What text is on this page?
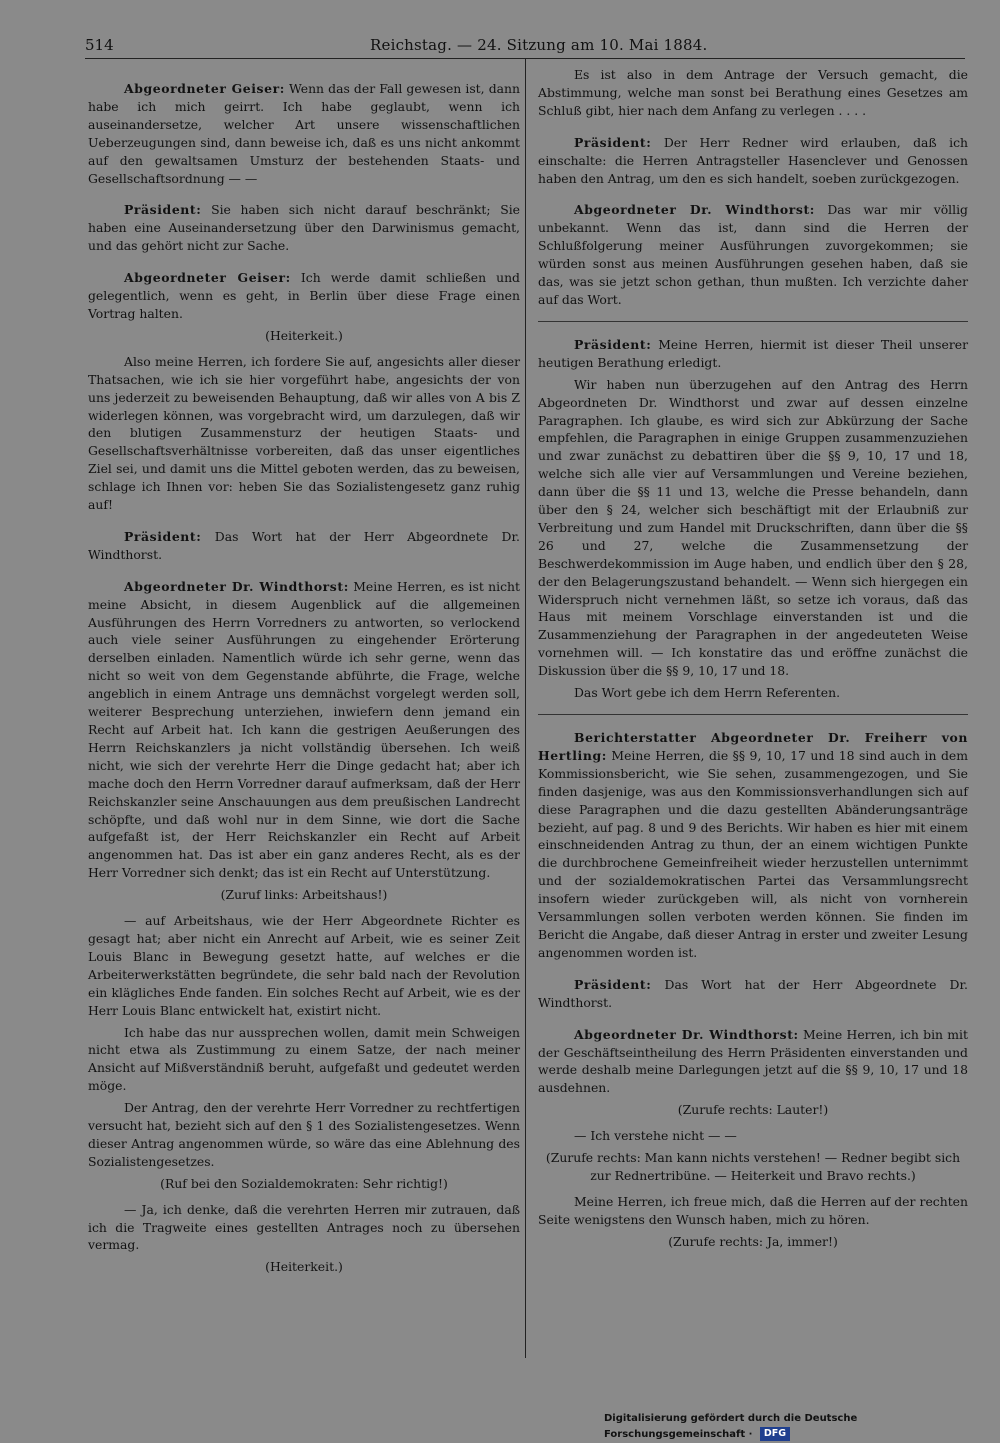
514	Reichstag. — 24. Sitzung am 10. Mai 1884.

Abgeordneter Geiser: Wenn das der Fall gewesen ist, dann habe ich mich geirrt. Ich habe geglaubt, wenn ich auseinandersetze, welcher Art unsere wissenschaftlichen Ueberzeugungen sind, dann beweise ich, daß es uns nicht ankommt auf den gewaltsamen Umsturz der bestehenden Staats- und Gesellschaftsordnung — —

Präsident: Sie haben sich nicht darauf beschränkt; Sie haben eine Auseinandersetzung über den Darwinismus gemacht, und das gehört nicht zur Sache.

Abgeordneter Geiser: Ich werde damit schließen und gelegentlich, wenn es geht, in Berlin über diese Frage einen Vortrag halten.

(Heiterkeit.)

Also meine Herren, ich fordere Sie auf, angesichts aller dieser Thatsachen, wie ich sie hier vorgeführt habe, angesichts der von uns jederzeit zu beweisenden Behauptung, daß wir alles von A bis Z widerlegen können, was vorgebracht wird, um darzulegen, daß wir den blutigen Zusammensturz der heutigen Staats- und Gesellschaftsverhältnisse vorbereiten, daß das unser eigentliches Ziel sei, und damit uns die Mittel geboten werden, das zu beweisen, schlage ich Ihnen vor: heben Sie das Sozialistengesetz ganz ruhig auf!

Präsident: Das Wort hat der Herr Abgeordnete Dr. Windthorst.

Abgeordneter Dr. Windthorst: Meine Herren, es ist nicht meine Absicht, in diesem Augenblick auf die allgemeinen Ausführungen des Herrn Vorredners zu antworten, so verlockend auch viele seiner Ausführungen zu eingehender Erörterung derselben einladen. Namentlich würde ich sehr gerne, wenn das nicht so weit von dem Gegenstande abführte, die Frage, welche angeblich in einem Antrage uns demnächst vorgelegt werden soll, weiterer Besprechung unterziehen, inwiefern denn jemand ein Recht auf Arbeit hat. Ich kann die gestrigen Aeußerungen des Herrn Reichskanzlers ja nicht vollständig übersehen. Ich weiß nicht, wie sich der verehrte Herr die Dinge gedacht hat; aber ich mache doch den Herrn Vorredner darauf aufmerksam, daß der Herr Reichskanzler seine Anschauungen aus dem preußischen Landrecht schöpfte, und daß wohl nur in dem Sinne, wie dort die Sache aufgefaßt ist, der Herr Reichskanzler ein Recht auf Arbeit angenommen hat. Das ist aber ein ganz anderes Recht, als es der Herr Vorredner sich denkt; das ist ein Recht auf Unterstützung.

(Zuruf links: Arbeitshaus!)

— auf Arbeitshaus, wie der Herr Abgeordnete Richter es gesagt hat; aber nicht ein Anrecht auf Arbeit, wie es seiner Zeit Louis Blanc in Bewegung gesetzt hatte, auf welches er die Arbeiterwerkstätten begründete, die sehr bald nach der Revolution ein klägliches Ende fanden. Ein solches Recht auf Arbeit, wie es der Herr Louis Blanc entwickelt hat, existirt nicht.

Ich habe das nur aussprechen wollen, damit mein Schweigen nicht etwa als Zustimmung zu einem Satze, der nach meiner Ansicht auf Mißverständniß beruht, aufgefaßt und gedeutet werden möge.

Der Antrag, den der verehrte Herr Vorredner zu rechtfertigen versucht hat, bezieht sich auf den § 1 des Sozialistengesetzes. Wenn dieser Antrag angenommen würde, so wäre das eine Ablehnung des Sozialistengesetzes.

(Ruf bei den Sozialdemokraten: Sehr richtig!)

— Ja, ich denke, daß die verehrten Herren mir zutrauen, daß ich die Tragweite eines gestellten Antrages noch zu übersehen vermag.

(Heiterkeit.)

Es ist also in dem Antrage der Versuch gemacht, die Abstimmung, welche man sonst bei Berathung eines Gesetzes am Schluß gibt, hier nach dem Anfang zu verlegen . . . .

Präsident: Der Herr Redner wird erlauben, daß ich einschalte: die Herren Antragsteller Hasenclever und Genossen haben den Antrag, um den es sich handelt, soeben zurückgezogen.

Abgeordneter Dr. Windthorst: Das war mir völlig unbekannt. Wenn das ist, dann sind die Herren der Schlußfolgerung meiner Ausführungen zuvorgekommen; sie würden sonst aus meinen Ausführungen gesehen haben, daß sie das, was sie jetzt schon gethan, thun mußten. Ich verzichte daher auf das Wort.

Präsident: Meine Herren, hiermit ist dieser Theil unserer heutigen Berathung erledigt.

Wir haben nun überzugehen auf den Antrag des Herrn Abgeordneten Dr. Windthorst und zwar auf dessen einzelne Paragraphen. Ich glaube, es wird sich zur Abkürzung der Sache empfehlen, die Paragraphen in einige Gruppen zusammenzuziehen und zwar zunächst zu debattiren über die §§ 9, 10, 17 und 18, welche sich alle vier auf Versammlungen und Vereine beziehen, dann über die §§ 11 und 13, welche die Presse behandeln, dann über den § 24, welcher sich beschäftigt mit der Erlaubniß zur Verbreitung und zum Handel mit Druckschriften, dann über die §§ 26 und 27, welche die Zusammensetzung der Beschwerdekommission im Auge haben, und endlich über den § 28, der den Belagerungszustand behandelt. — Wenn sich hiergegen ein Widerspruch nicht vernehmen läßt, so setze ich voraus, daß das Haus mit meinem Vorschlage einverstanden ist und die Zusammenziehung der Paragraphen in der angedeuteten Weise vornehmen will. — Ich konstatire das und eröffne zunächst die Diskussion über die §§ 9, 10, 17 und 18.

Das Wort gebe ich dem Herrn Referenten.

Berichterstatter Abgeordneter Dr. Freiherr von Hertling: Meine Herren, die §§ 9, 10, 17 und 18 sind auch in dem Kommissionsbericht, wie Sie sehen, zusammengezogen, und Sie finden dasjenige, was aus den Kommissionsverhandlungen sich auf diese Paragraphen und die dazu gestellten Abänderungsanträge bezieht, auf pag. 8 und 9 des Berichts. Wir haben es hier mit einem einschneidenden Antrag zu thun, der an einem wichtigen Punkte die durchbrochene Gemeinfreiheit wieder herzustellen unternimmt und der sozialdemokratischen Partei das Versammlungsrecht insofern wieder zurückgeben will, als nicht von vornherein Versammlungen sollen verboten werden können. Sie finden im Bericht die Angabe, daß dieser Antrag in erster und zweiter Lesung angenommen worden ist.

Präsident: Das Wort hat der Herr Abgeordnete Dr. Windthorst.

Abgeordneter Dr. Windthorst: Meine Herren, ich bin mit der Geschäftseintheilung des Herrn Präsidenten einverstanden und werde deshalb meine Darlegungen jetzt auf die §§ 9, 10, 17 und 18 ausdehnen.

(Zurufe rechts: Lauter!)

— Ich verstehe nicht — —

(Zurufe rechts: Man kann nichts verstehen! — Redner begibt sich zur Rednertribüne. — Heiterkeit und Bravo rechts.)

Meine Herren, ich freue mich, daß die Herren auf der rechten Seite wenigstens den Wunsch haben, mich zu hören.

(Zurufe rechts: Ja, immer!)

Digitalisierung gefördert durch die Deutsche Forschungsgemeinschaft · DFG
